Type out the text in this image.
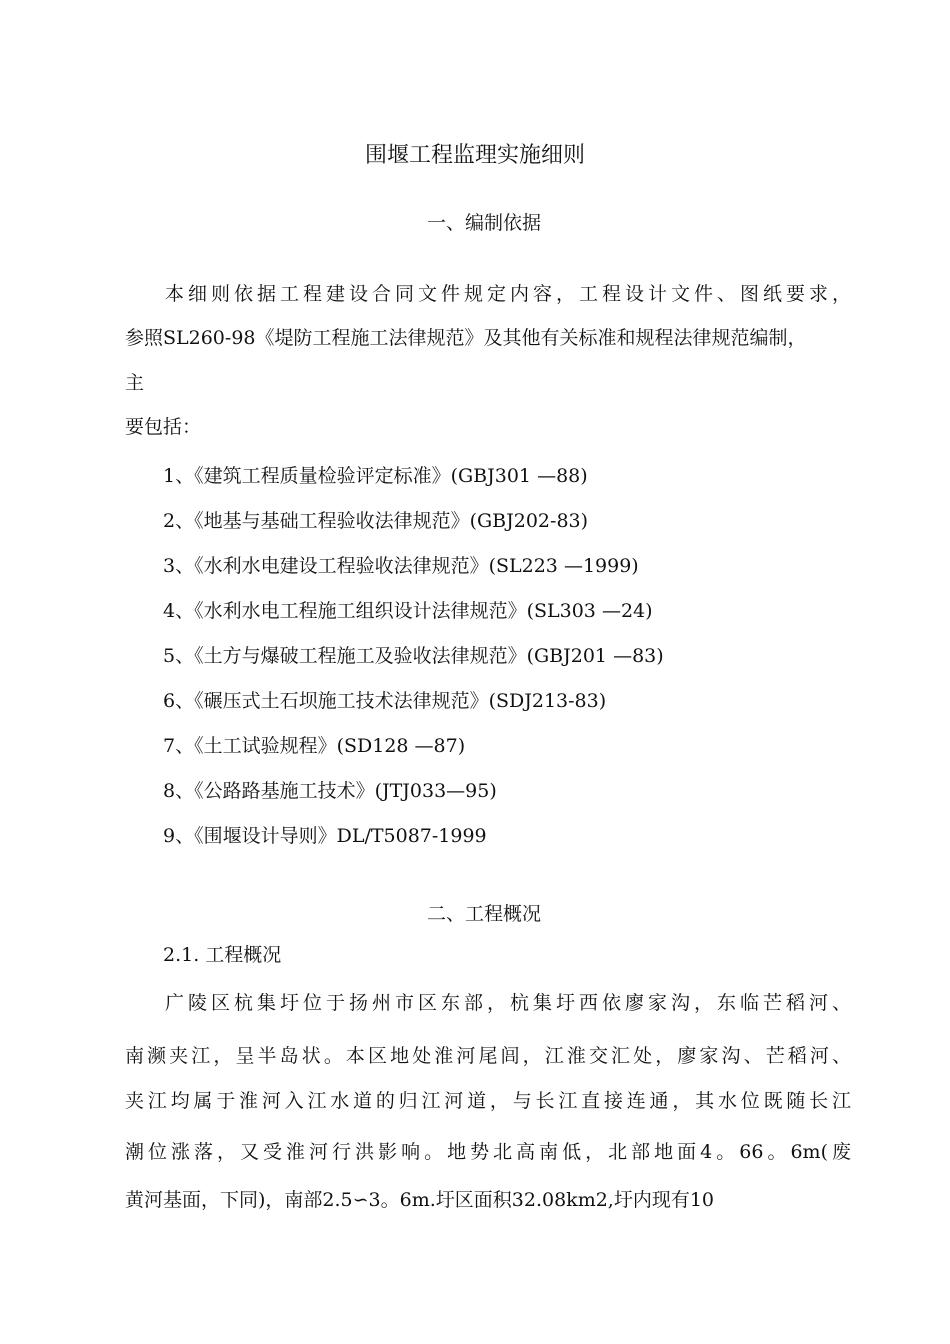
围堰工程监理实施细则
一、编制依据
本细则依据工程建设合同文件规定内容，工程设计文件、图纸要求，
参照SL260-98《堤防工程施工法律规范》及其他有关标准和规程法律规范编制，
主
要包括：
1、《建筑工程质量检验评定标准》(GBJ301 —88)
2、《地基与基础工程验收法律规范》(GBJ202-83)
3、《水利水电建设工程验收法律规范》(SL223 —1999)
4、《水利水电工程施工组织设计法律规范》(SL303 —24)
5、《土方与爆破工程施工及验收法律规范》(GBJ201 —83)
6、《碾压式土石坝施工技术法律规范》(SDJ213-83)
7、《土工试验规程》(SD128 —87)
8、《公路路基施工技术》(JTJ033—95)
9、《围堰设计导则》DL/T5087-1999
二、工程概况
2.1. 工程概况
广陵区杭集圩位于扬州市区东部，杭集圩西依廖家沟，东临芒稻河、
南濒夹江，呈半岛状。本区地处淮河尾闾，江淮交汇处，廖家沟、芒稻河、
夹江均属于淮河入江水道的归江河道，与长江直接连通，其水位既随长江
潮位涨落，又受淮河行洪影响。地势北高南低，北部地面4。66。6m(废
黄河基面，下同)，南部2.5∽3。6m.圩区面积32.08km2,圩内现有10
